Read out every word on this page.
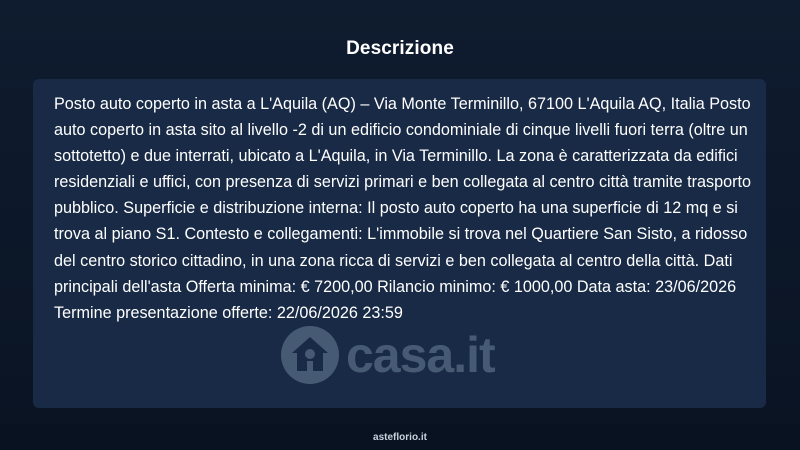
Descrizione
Posto auto coperto in asta a L'Aquila (AQ) – Via Monte Terminillo, 67100 L'Aquila AQ, Italia Posto auto coperto in asta sito al livello -2 di un edificio condominiale di cinque livelli fuori terra (oltre un sottotetto) e due interrati, ubicato a L'Aquila, in Via Terminillo. La zona è caratterizzata da edifici residenziali e uffici, con presenza di servizi primari e ben collegata al centro città tramite trasporto pubblico. Superficie e distribuzione interna: Il posto auto coperto ha una superficie di 12 mq e si trova al piano S1. Contesto e collegamenti: L'immobile si trova nel Quartiere San Sisto, a ridosso del centro storico cittadino, in una zona ricca di servizi e ben collegata al centro della città. Dati principali dell'asta Offerta minima: € 7200,00 Rilancio minimo: € 1000,00 Data asta: 23/06/2026 Termine presentazione offerte: 22/06/2026 23:59
casa.it
asteflorio.it
